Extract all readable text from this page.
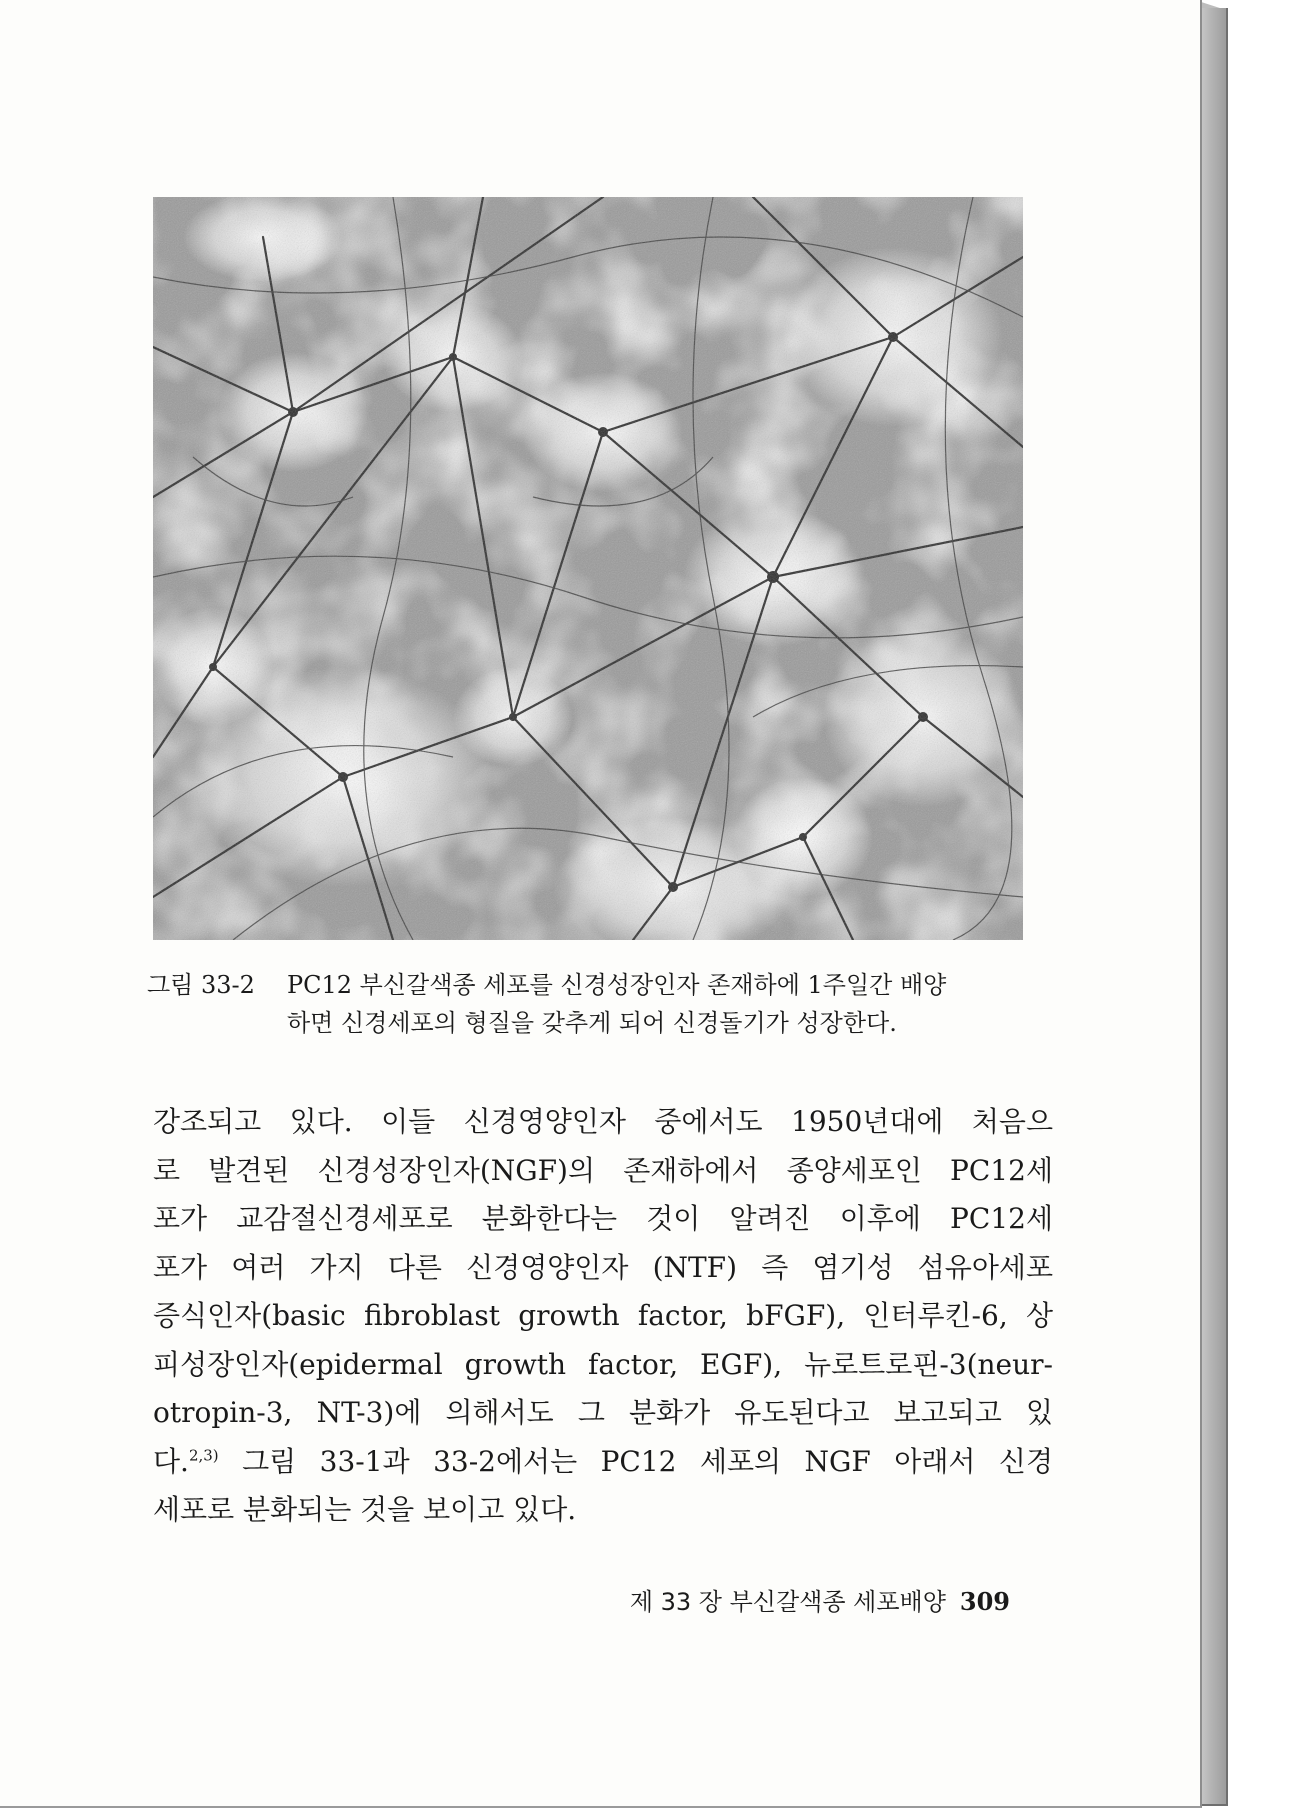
그림 33-2 PC12 부신갈색종 세포를 신경성장인자 존재하에 1주일간 배양
하면 신경세포의 형질을 갖추게 되어 신경돌기가 성장한다.
강조되고 있다. 이들 신경영양인자 중에서도 1950년대에 처음으
로 발견된 신경성장인자(NGF)의 존재하에서 종양세포인 PC12세
포가 교감절신경세포로 분화한다는 것이 알려진 이후에 PC12세
포가 여러 가지 다른 신경영양인자 (NTF) 즉 염기성 섬유아세포
증식인자(basic fibroblast growth factor, bFGF), 인터루킨-6, 상
피성장인자(epidermal growth factor, EGF), 뉴로트로핀-3(neur-
otropin-3, NT-3)에 의해서도 그 분화가 유도된다고 보고되고 있
다.$^{2,3)}$ 그림 33-1과 33-2에서는 PC12 세포의 NGF 아래서 신경
세포로 분화되는 것을 보이고 있다.
제 33 장 부신갈색종 세포배양 309
